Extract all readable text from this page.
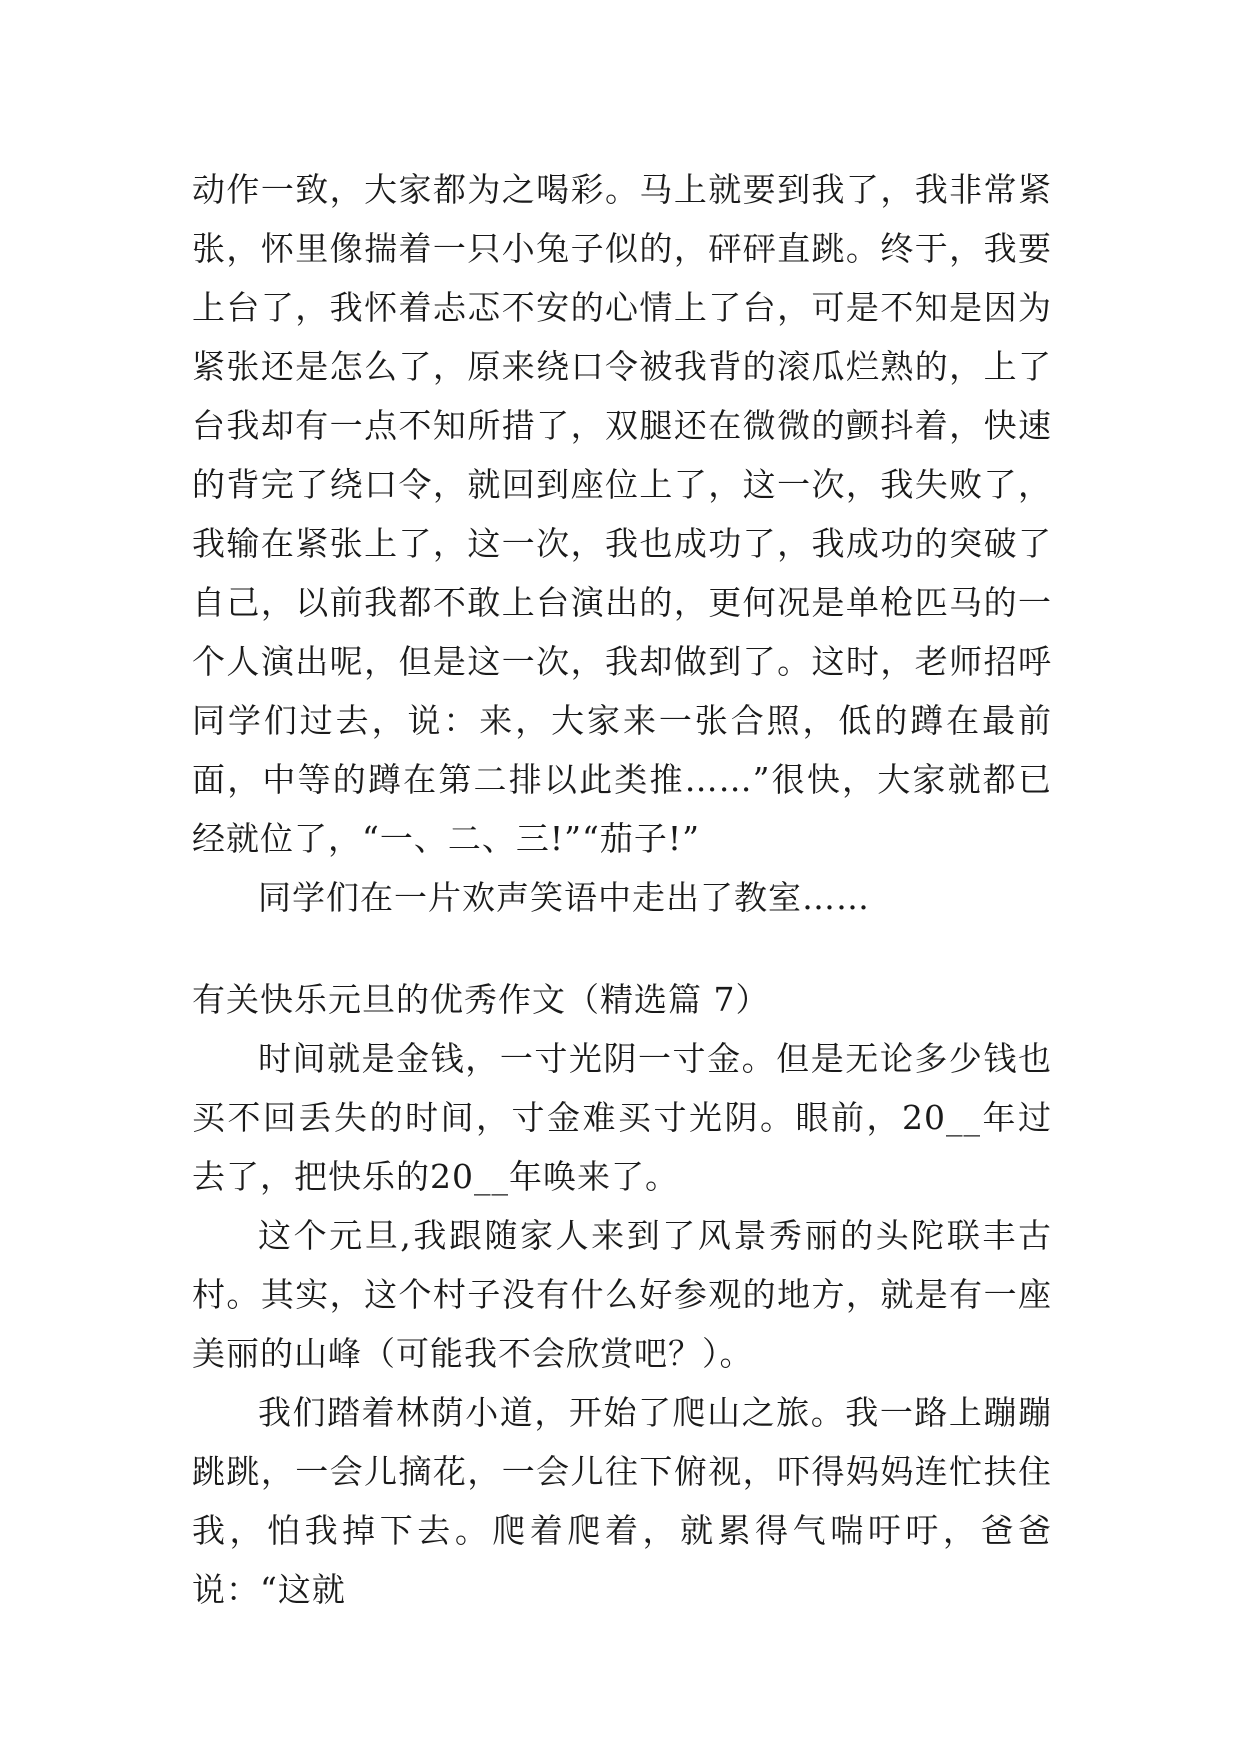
动作一致，大家都为之喝彩。马上就要到我了，我非常紧张，怀里像揣着一只小兔子似的，砰砰直跳。终于，我要上台了，我怀着忐忑不安的心情上了台，可是不知是因为紧张还是怎么了，原来绕口令被我背的滚瓜烂熟的，上了台我却有一点不知所措了，双腿还在微微的颤抖着，快速的背完了绕口令，就回到座位上了，这一次，我失败了，我输在紧张上了，这一次，我也成功了，我成功的突破了自己，以前我都不敢上台演出的，更何况是单枪匹马的一个人演出呢，但是这一次，我却做到了。这时，老师招呼同学们过去，说：来，大家来一张合照，低的蹲在最前面，中等的蹲在第二排以此类推……”很快，大家就都已经就位了，“一、二、三!”“茄子!”

同学们在一片欢声笑语中走出了教室……

有关快乐元旦的优秀作文（精选篇 7）

时间就是金钱，一寸光阴一寸金。但是无论多少钱也买不回丢失的时间，寸金难买寸光阴。眼前，20__年过去了，把快乐的20__年唤来了。

这个元旦,我跟随家人来到了风景秀丽的头陀联丰古村。其实，这个村子没有什么好参观的地方，就是有一座美丽的山峰（可能我不会欣赏吧？）。

我们踏着林荫小道，开始了爬山之旅。我一路上蹦蹦跳跳，一会儿摘花，一会儿往下俯视，吓得妈妈连忙扶住我，怕我掉下去。爬着爬着，就累得气喘吁吁，爸爸说：“这就
